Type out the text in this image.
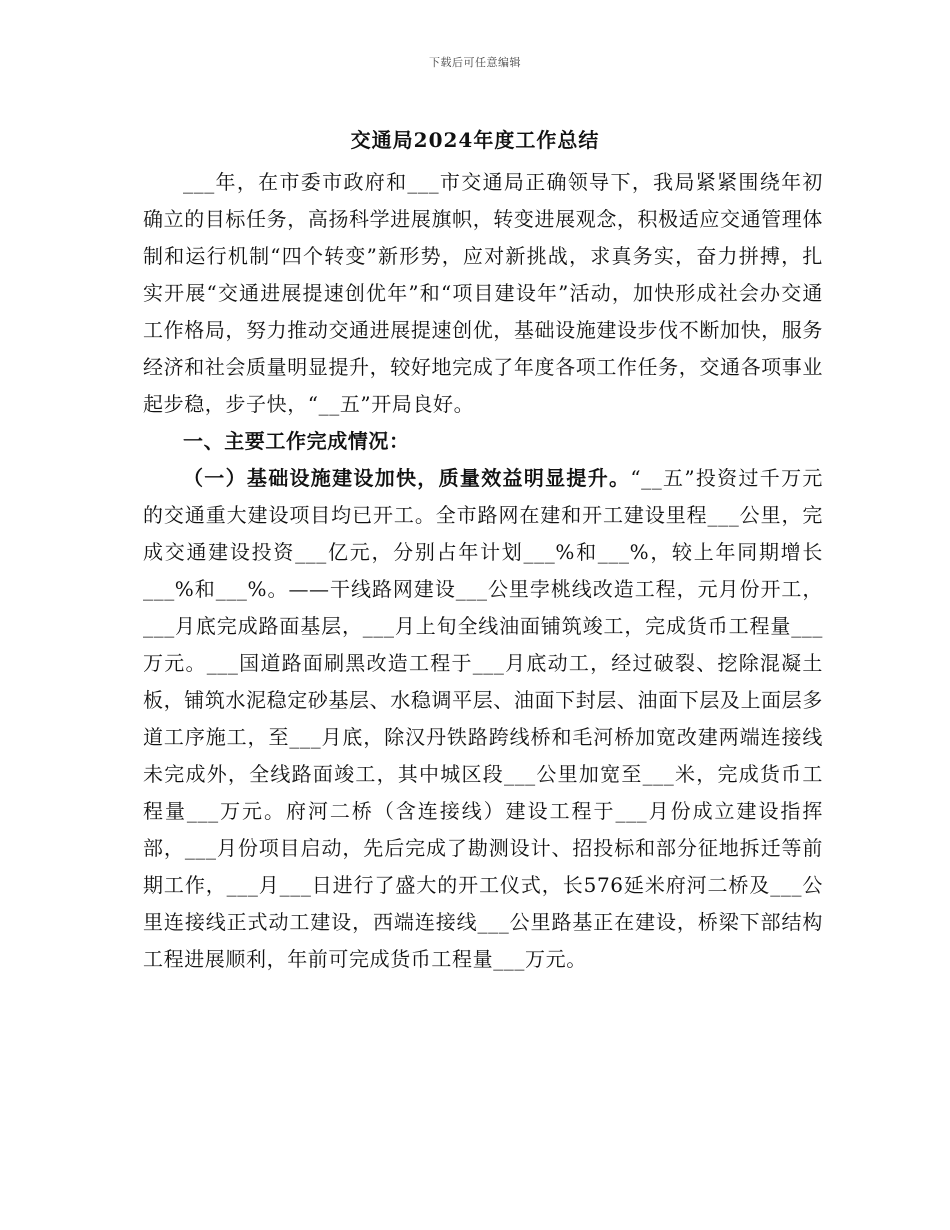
下载后可任意编辑
交通局2024年度工作总结

___年，在市委市政府和___市交通局正确领导下，我局紧紧围绕年初确立的目标任务，高扬科学进展旗帜，转变进展观念，积极适应交通管理体制和运行机制“四个转变”新形势，应对新挑战，求真务实，奋力拼搏，扎实开展“交通进展提速创优年”和“项目建设年”活动，加快形成社会办交通工作格局，努力推动交通进展提速创优，基础设施建设步伐不断加快，服务经济和社会质量明显提升，较好地完成了年度各项工作任务，交通各项事业起步稳，步子快，“__五”开局良好。

一、主要工作完成情况：

（一）基础设施建设加快，质量效益明显提升。“__五”投资过千万元的交通重大建设项目均已开工。全市路网在建和开工建设里程___公里，完成交通建设投资___亿元，分别占年计划___%和___%，较上年同期增长___%和___%。——干线路网建设___公里孛桃线改造工程，元月份开工，___月底完成路面基层，___月上旬全线油面铺筑竣工，完成货币工程量___万元。___国道路面刷黑改造工程于___月底动工，经过破裂、挖除混凝土板，铺筑水泥稳定砂基层、水稳调平层、油面下封层、油面下层及上面层多道工序施工，至___月底，除汉丹铁路跨线桥和毛河桥加宽改建两端连接线未完成外，全线路面竣工，其中城区段___公里加宽至___米，完成货币工程量___万元。府河二桥（含连接线）建设工程于___月份成立建设指挥部，___月份项目启动，先后完成了勘测设计、招投标和部分征地拆迁等前期工作，___月___日进行了盛大的开工仪式，长576延米府河二桥及___公里连接线正式动工建设，西端连接线___公里路基正在建设，桥梁下部结构工程进展顺利，年前可完成货币工程量___万元。
